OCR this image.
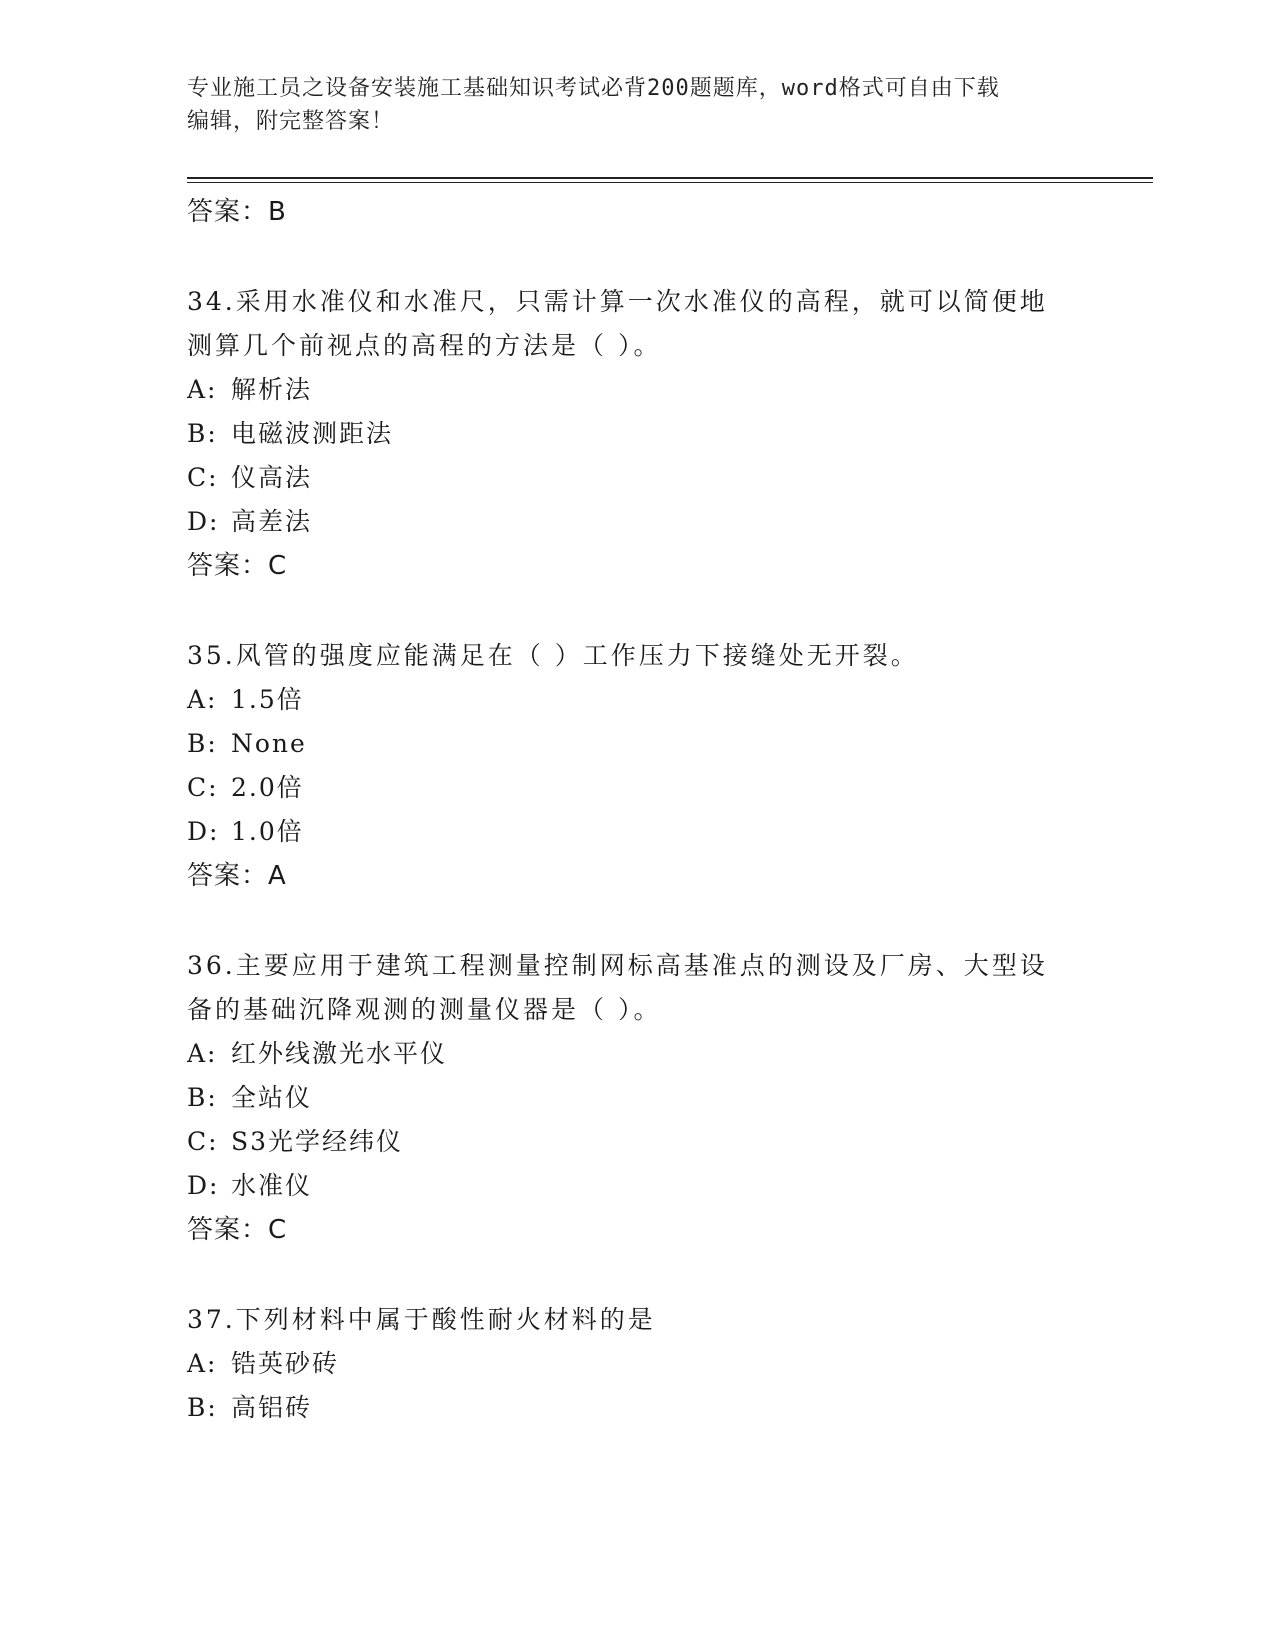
专业施工员之设备安装施工基础知识考试必背200题题库，word格式可自由下载
编辑，附完整答案！
答案：B
34.采用水准仪和水准尺，只需计算一次水准仪的高程，就可以简便地
测算几个前视点的高程的方法是（ ）。
A: 解析法
B: 电磁波测距法
C: 仪高法
D: 高差法
答案：C
35.风管的强度应能满足在（ ）工作压力下接缝处无开裂。
A: 1.5倍
B: None
C: 2.0倍
D: 1.0倍
答案：A
36.主要应用于建筑工程测量控制网标高基准点的测设及厂房、大型设
备的基础沉降观测的测量仪器是（ ）。
A: 红外线激光水平仪
B: 全站仪
C: S3光学经纬仪
D: 水准仪
答案：C
37.下列材料中属于酸性耐火材料的是
A: 锆英砂砖
B: 高铝砖
